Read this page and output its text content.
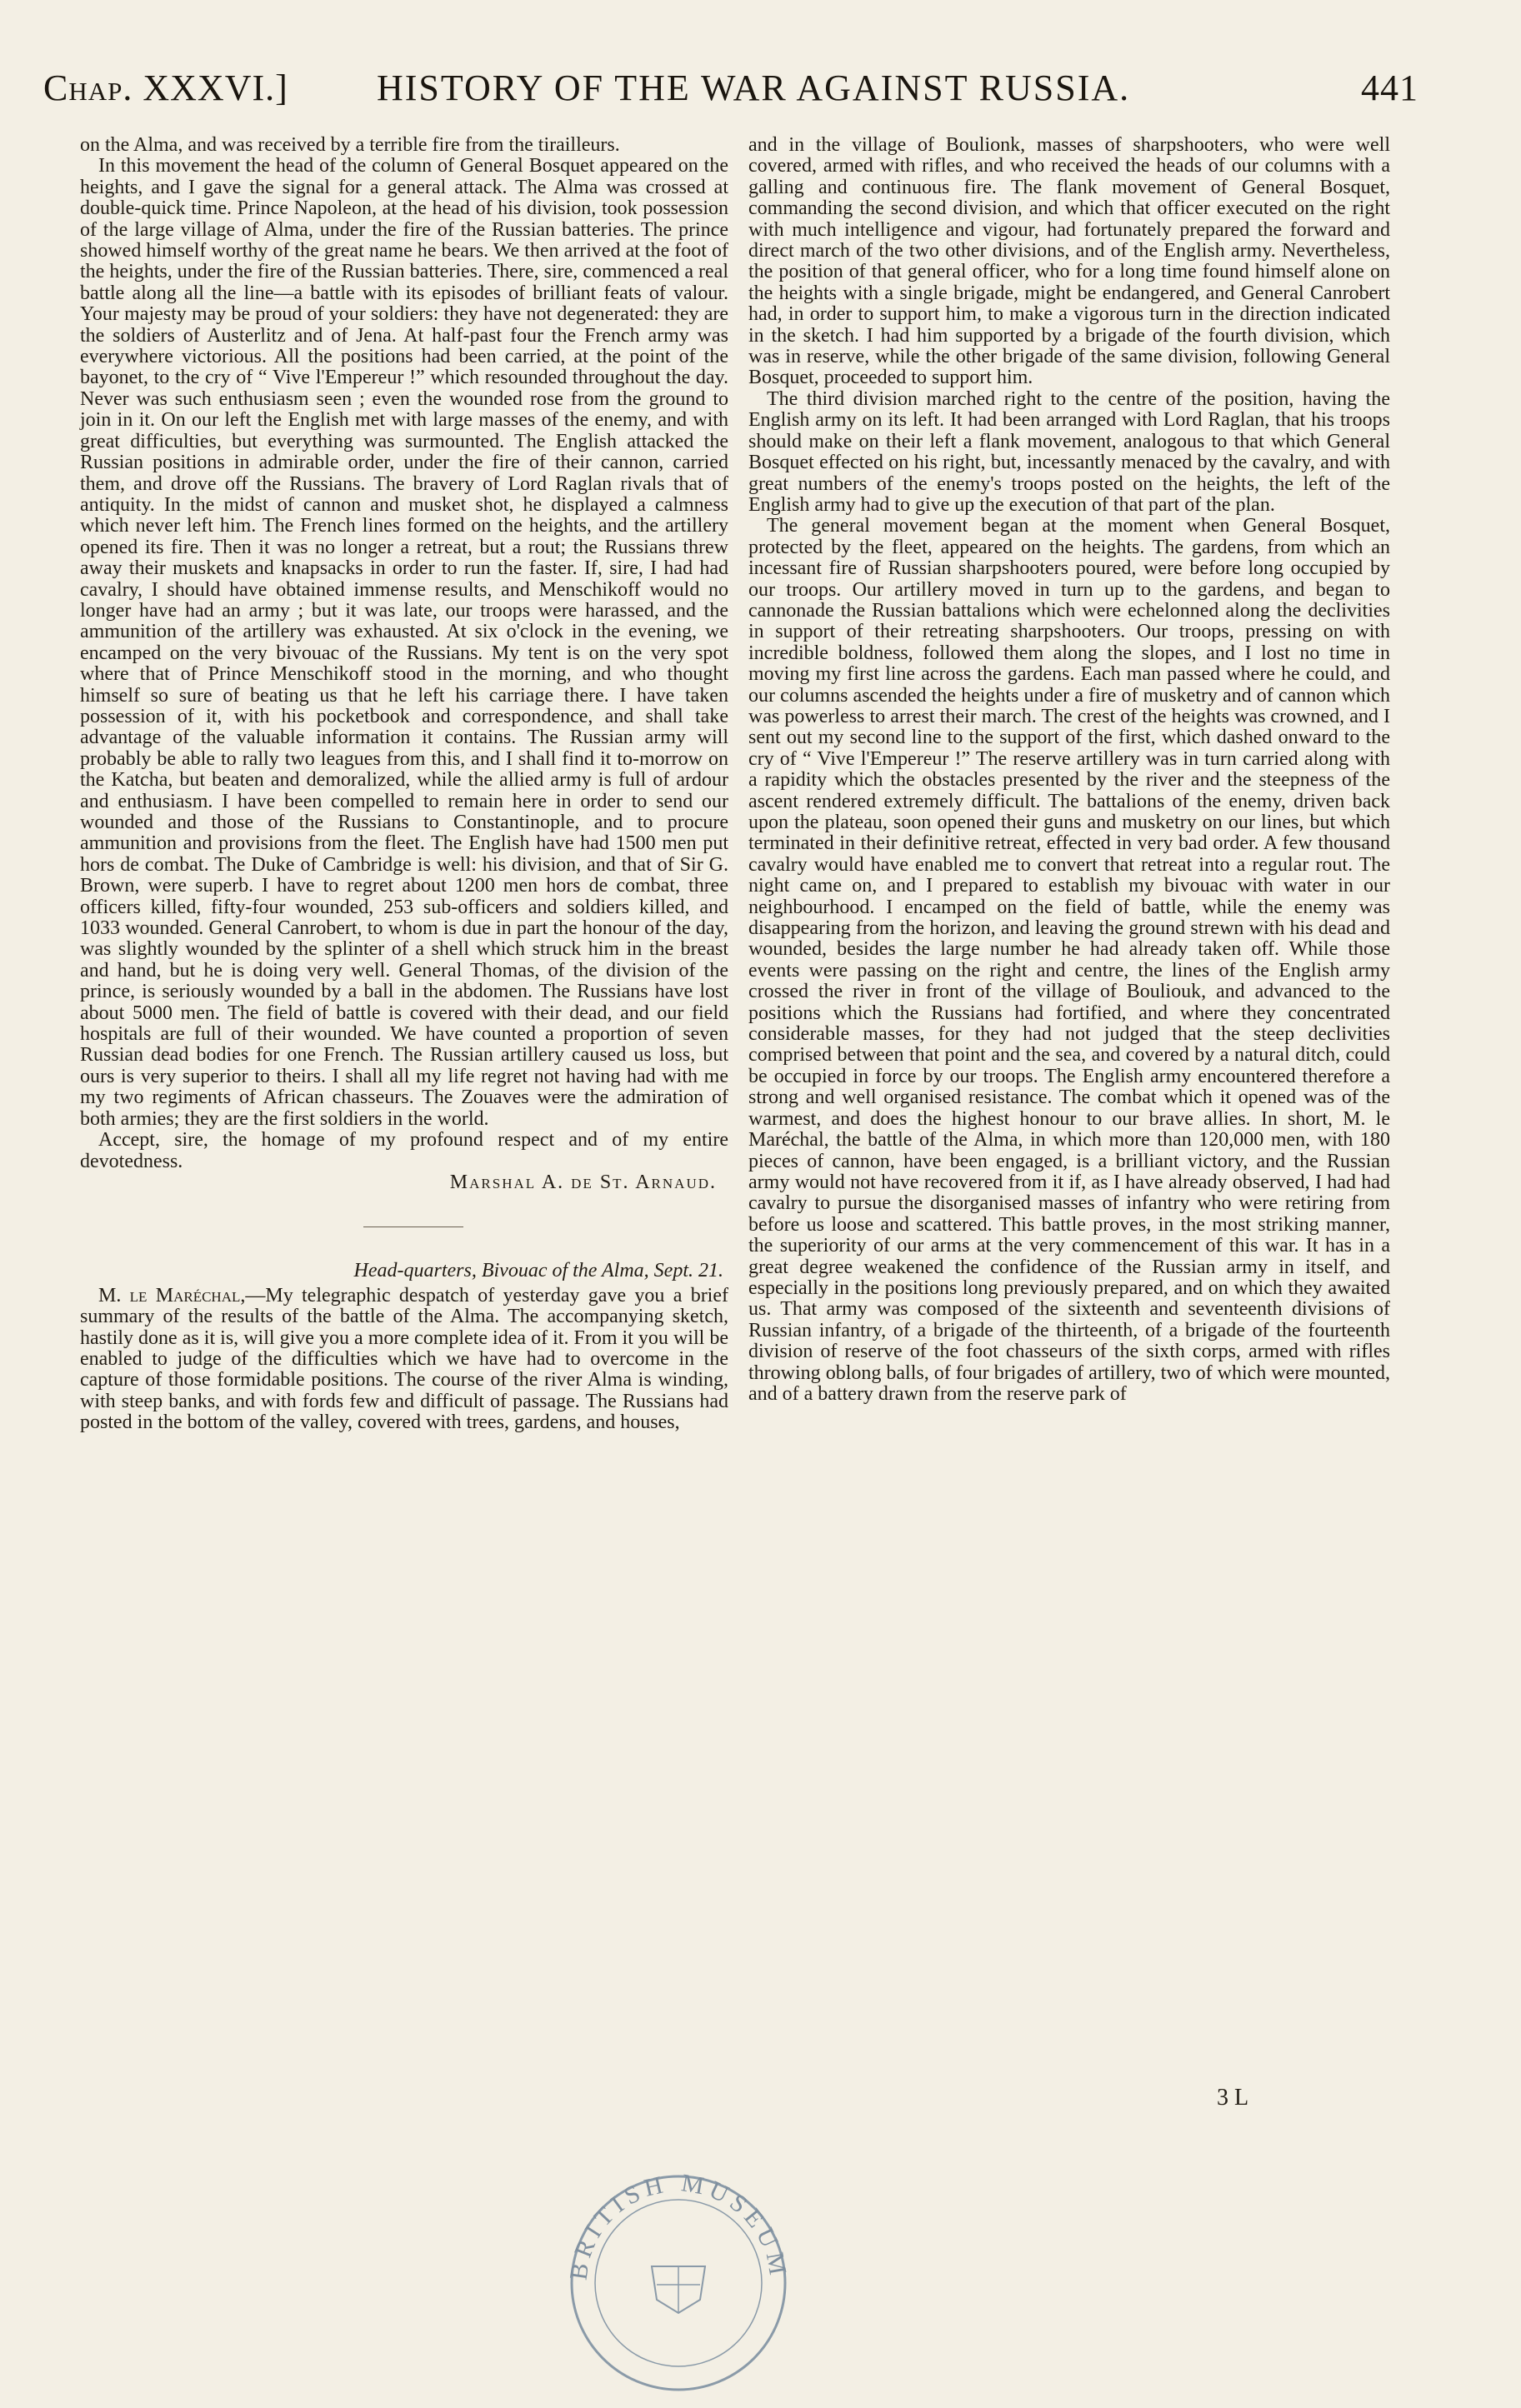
Chap. XXXVI.] HISTORY OF THE WAR AGAINST RUSSIA.	441

on the Alma, and was received by a terrible fire from the tirailleurs.

In this movement the head of the column of General Bosquet appeared on the heights, and I gave the signal for a general attack. The Alma was crossed at double-quick time. Prince Napoleon, at the head of his division, took possession of the large village of Alma, under the fire of the Russian batteries. The prince showed himself worthy of the great name he bears. We then arrived at the foot of the heights, under the fire of the Russian batteries. There, sire, commenced a real battle along all the line—a battle with its episodes of brilliant feats of valour. Your majesty may be proud of your soldiers: they have not degenerated: they are the soldiers of Austerlitz and of Jena. At half-past four the French army was everywhere victorious. All the positions had been carried, at the point of the bayonet, to the cry of “ Vive l'Empereur !” which resounded throughout the day. Never was such enthusiasm seen ; even the wounded rose from the ground to join in it. On our left the English met with large masses of the enemy, and with great difficulties, but everything was surmounted. The English attacked the Russian positions in admirable order, under the fire of their cannon, carried them, and drove off the Russians. The bravery of Lord Raglan rivals that of antiquity. In the midst of cannon and musket shot, he displayed a calmness which never left him. The French lines formed on the heights, and the artillery opened its fire. Then it was no longer a retreat, but a rout; the Russians threw away their muskets and knapsacks in order to run the faster. If, sire, I had had cavalry, I should have obtained immense results, and Menschikoff would no longer have had an army ; but it was late, our troops were harassed, and the ammunition of the artillery was exhausted. At six o'clock in the evening, we encamped on the very bivouac of the Russians. My tent is on the very spot where that of Prince Menschikoff stood in the morning, and who thought himself so sure of beating us that he left his carriage there. I have taken possession of it, with his pocketbook and correspondence, and shall take advantage of the valuable information it contains. The Russian army will probably be able to rally two leagues from this, and I shall find it to-morrow on the Katcha, but beaten and demoralized, while the allied army is full of ardour and enthusiasm. I have been compelled to remain here in order to send our wounded and those of the Russians to Constantinople, and to procure ammunition and provisions from the fleet. The English have had 1500 men put hors de combat. The Duke of Cambridge is well: his division, and that of Sir G. Brown, were superb. I have to regret about 1200 men hors de combat, three officers killed, fifty-four wounded, 253 sub-officers and soldiers killed, and 1033 wounded. General Canrobert, to whom is due in part the honour of the day, was slightly wounded by the splinter of a shell which struck him in the breast and hand, but he is doing very well. General Thomas, of the division of the prince, is seriously wounded by a ball in the abdomen. The Russians have lost about 5000 men. The field of battle is covered with their dead, and our field hospitals are full of their wounded. We have counted a proportion of seven Russian dead bodies for one French. The Russian artillery caused us loss, but ours is very superior to theirs. I shall all my life regret not having had with me my two regiments of African chasseurs. The Zouaves were the admiration of both armies; they are the first soldiers in the world.

Accept, sire, the homage of my profound respect and of my entire devotedness.

Marshal A. de St. Arnaud.

Head-quarters, Bivouac of the Alma, Sept. 21.

M. le Maréchal,—My telegraphic despatch of yesterday gave you a brief summary of the results of the battle of the Alma. The accompanying sketch, hastily done as it is, will give you a more complete idea of it. From it you will be enabled to judge of the difficulties which we have had to overcome in the capture of those formidable positions. The course of the river Alma is winding, with steep banks, and with fords few and difficult of passage. The Russians had posted in the bottom of the valley, covered with trees, gardens, and houses,

and in the village of Boulionk, masses of sharpshooters, who were well covered, armed with rifles, and who received the heads of our columns with a galling and continuous fire. The flank movement of General Bosquet, commanding the second division, and which that officer executed on the right with much intelligence and vigour, had fortunately prepared the forward and direct march of the two other divisions, and of the English army. Nevertheless, the position of that general officer, who for a long time found himself alone on the heights with a single brigade, might be endangered, and General Canrobert had, in order to support him, to make a vigorous turn in the direction indicated in the sketch. I had him supported by a brigade of the fourth division, which was in reserve, while the other brigade of the same division, following General Bosquet, proceeded to support him.

The third division marched right to the centre of the position, having the English army on its left. It had been arranged with Lord Raglan, that his troops should make on their left a flank movement, analogous to that which General Bosquet effected on his right, but, incessantly menaced by the cavalry, and with great numbers of the enemy's troops posted on the heights, the left of the English army had to give up the execution of that part of the plan.

The general movement began at the moment when General Bosquet, protected by the fleet, appeared on the heights. The gardens, from which an incessant fire of Russian sharpshooters poured, were before long occupied by our troops. Our artillery moved in turn up to the gardens, and began to cannonade the Russian battalions which were echelonned along the declivities in support of their retreating sharpshooters. Our troops, pressing on with incredible boldness, followed them along the slopes, and I lost no time in moving my first line across the gardens. Each man passed where he could, and our columns ascended the heights under a fire of musketry and of cannon which was powerless to arrest their march. The crest of the heights was crowned, and I sent out my second line to the support of the first, which dashed onward to the cry of “ Vive l'Empereur !” The reserve artillery was in turn carried along with a rapidity which the obstacles presented by the river and the steepness of the ascent rendered extremely difficult. The battalions of the enemy, driven back upon the plateau, soon opened their guns and musketry on our lines, but which terminated in their definitive retreat, effected in very bad order. A few thousand cavalry would have enabled me to convert that retreat into a regular rout. The night came on, and I prepared to establish my bivouac with water in our neighbourhood. I encamped on the field of battle, while the enemy was disappearing from the horizon, and leaving the ground strewn with his dead and wounded, besides the large number he had already taken off. While those events were passing on the right and centre, the lines of the English army crossed the river in front of the village of Bouliouk, and advanced to the positions which the Russians had fortified, and where they concentrated considerable masses, for they had not judged that the steep declivities comprised between that point and the sea, and covered by a natural ditch, could be occupied in force by our troops. The English army encountered therefore a strong and well organised resistance. The combat which it opened was of the warmest, and does the highest honour to our brave allies. In short, M. le Maréchal, the battle of the Alma, in which more than 120,000 men, with 180 pieces of cannon, have been engaged, is a brilliant victory, and the Russian army would not have recovered from it if, as I have already observed, I had had cavalry to pursue the disorganised masses of infantry who were retiring from before us loose and scattered. This battle proves, in the most striking manner, the superiority of our arms at the very commencement of this war. It has in a great degree weakened the confidence of the Russian army in itself, and especially in the positions long previously prepared, and on which they awaited us. That army was composed of the sixteenth and seventeenth divisions of Russian infantry, of a brigade of the thirteenth, of a brigade of the fourteenth division of reserve of the foot chasseurs of the sixth corps, armed with rifles throwing oblong balls, of four brigades of artillery, two of which were mounted, and of a battery drawn from the reserve park of

3 L
BRITISH MUSEUM
